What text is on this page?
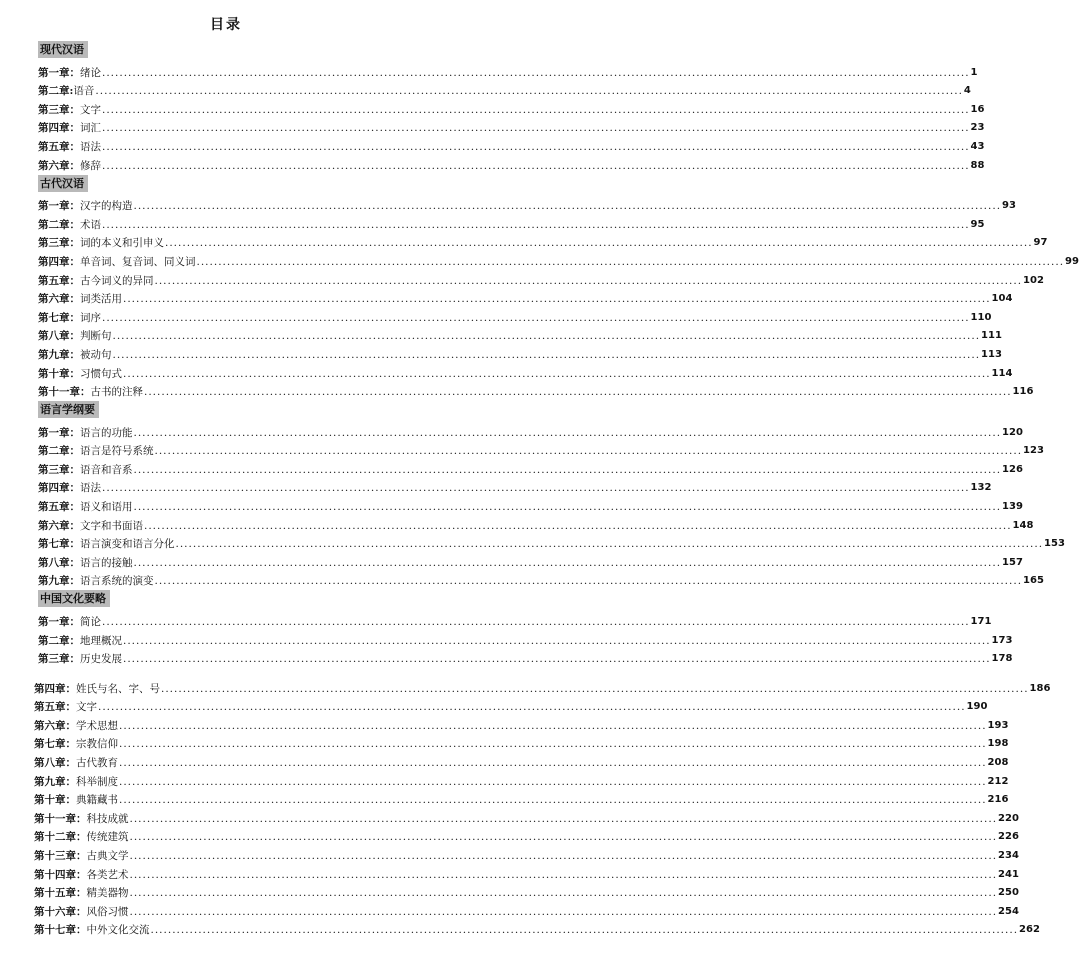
目录
现代汉语
第一章： 绪论 ........................................................................................................................................................................................................ 1
第二章: 语音 ........................................................................................................................................................................................................ 4
第三章： 文字 ........................................................................................................................................................................................................ 16
第四章： 词汇 ........................................................................................................................................................................................................ 23
第五章： 语法 ........................................................................................................................................................................................................ 43
第六章： 修辞 ........................................................................................................................................................................................................ 88
古代汉语
第一章： 汉字的构造 ........................................................................................................................................................................................................ 93
第二章： 术语 ........................................................................................................................................................................................................ 95
第三章： 词的本义和引申义 ........................................................................................................................................................................................................ 97
第四章： 单音词、复音词、同义词 ........................................................................................................................................................................................................ 99
第五章： 古今词义的异同 ........................................................................................................................................................................................................ 102
第六章： 词类活用 ........................................................................................................................................................................................................ 104
第七章： 词序 ........................................................................................................................................................................................................ 110
第八章： 判断句 ........................................................................................................................................................................................................ 111
第九章： 被动句 ........................................................................................................................................................................................................ 113
第十章： 习惯句式 ........................................................................................................................................................................................................ 114
第十一章： 古书的注释 ........................................................................................................................................................................................................ 116
语言学纲要
第一章： 语言的功能 ........................................................................................................................................................................................................ 120
第二章： 语言是符号系统 ........................................................................................................................................................................................................ 123
第三章： 语音和音系 ........................................................................................................................................................................................................ 126
第四章： 语法 ........................................................................................................................................................................................................ 132
第五章： 语义和语用 ........................................................................................................................................................................................................ 139
第六章： 文字和书面语 ........................................................................................................................................................................................................ 148
第七章： 语言演变和语言分化 ........................................................................................................................................................................................................ 153
第八章： 语言的接触 ........................................................................................................................................................................................................ 157
第九章： 语言系统的演变 ........................................................................................................................................................................................................ 165
中国文化要略
第一章： 简论 ........................................................................................................................................................................................................ 171
第二章： 地理概况 ........................................................................................................................................................................................................ 173
第三章： 历史发展 ........................................................................................................................................................................................................ 178
第四章： 姓氏与名、字、号 ........................................................................................................................................................................................................ 186
第五章： 文字 ........................................................................................................................................................................................................ 190
第六章： 学术思想 ........................................................................................................................................................................................................ 193
第七章： 宗教信仰 ........................................................................................................................................................................................................ 198
第八章： 古代教育 ........................................................................................................................................................................................................ 208
第九章： 科举制度 ........................................................................................................................................................................................................ 212
第十章： 典籍藏书 ........................................................................................................................................................................................................ 216
第十一章： 科技成就 ........................................................................................................................................................................................................ 220
第十二章： 传统建筑 ........................................................................................................................................................................................................ 226
第十三章： 古典文学 ........................................................................................................................................................................................................ 234
第十四章： 各类艺术 ........................................................................................................................................................................................................ 241
第十五章： 精美器物 ........................................................................................................................................................................................................ 250
第十六章： 风俗习惯 ........................................................................................................................................................................................................ 254
第十七章： 中外文化交流 ........................................................................................................................................................................................................ 262
